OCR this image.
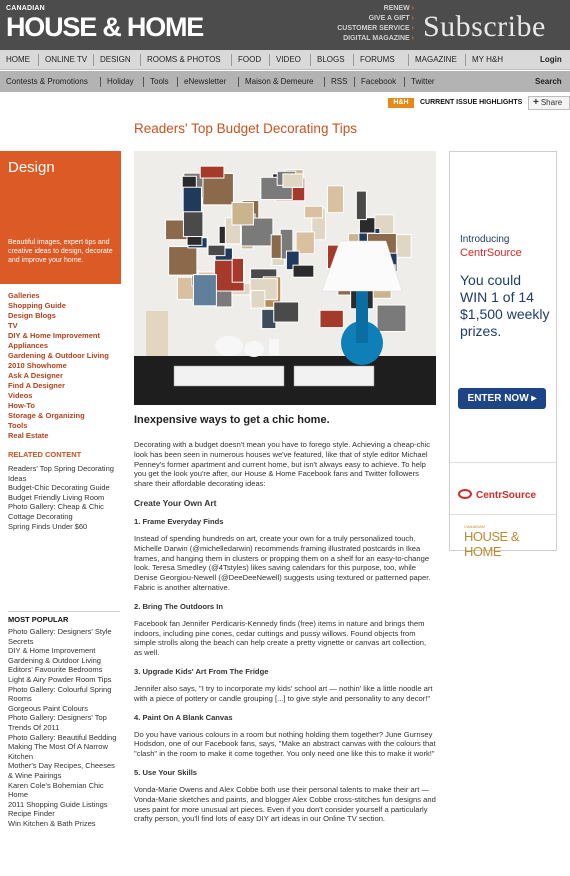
CANADIAN
HOUSE & HOME
RENEW ›
GIVE A GIFT ›
CUSTOMER SERVICE ›
DIGITAL MAGAZINE › Subscribe
HOME ONLINE TV DESIGN ROOMS & PHOTOS FOOD VIDEO BLOGS FORUMS	MAGAZINE MY H&H	Login
Contests & Promotions Holiday Tools eNewsletter Maison & Demeure RSS Facebook Twitter	Search
H&H	CURRENT ISSUE HIGHLIGHTS	+ Share
Readers' Top Budget Decorating Tips
Design
Beautiful images, expert tips and creative ideas to design, decorate and improve your home.
Galleries
Shopping Guide
Design Blogs
TV
DIY & Home Improvement
Appliances
Gardening & Outdoor Living
2010 Showhome
Ask A Designer
Find A Designer
Videos
How-To
Storage & Organizing
Tools
Real Estate
RELATED CONTENT
Readers' Top Spring Decorating Ideas
Budget-Chic Decorating Guide
Budget Friendly Living Room
Photo Gallery: Cheap & Chic Cottage Decorating
Spring Finds Under $60
MOST POPULAR
Photo Gallery: Designers' Style Secrets
DIY & Home Improvement
Gardening & Outdoor Living
Editors' Favourite Bedrooms
Light & Airy Powder Room Tips
Photo Gallery: Colourful Spring Rooms
Gorgeous Paint Colours
Photo Gallery: Designers' Top Trends Of 2011
Photo Gallery: Beautiful Bedding
Making The Most Of A Narrow Kitchen
Mother's Day Recipes, Cheeses & Wine Pairings
Karen Cole's Bohemian Chic Home
2011 Shopping Guide Listings
Recipe Finder
Win Kitchen & Bath Prizes
Introducing
CentrSource
You could WIN 1 of 14 $1,500 weekly prizes.
ENTER NOW ▸
CentrSource
CANADIAN
HOUSE & HOME
Inexpensive ways to get a chic home.

Decorating with a budget doesn't mean you have to forego style. Achieving a cheap-chic look has been seen in numerous houses we've featured, like that of style editor Michael Penney's former apartment and current home, but isn't always easy to achieve. To help you get the look you're after, our House & Home Facebook fans and Twitter followers share their affordable decorating ideas:

Create Your Own Art
1. Frame Everyday Finds

Instead of spending hundreds on art, create your own for a truly personalized touch. Michelle Darwin (@michelledarwin) recommends framing illustrated postcards in Ikea frames, and hanging them in clusters or propping them on a shelf for an easy-to-change look. Teresa Smedley (@4Tstyles) likes saving calendars for this purpose, too, while Denise Georgiou-Newell (@DeeDeeNewell) suggests using textured or patterned paper. Fabric is another alternative.

2. Bring The Outdoors In

Facebook fan Jennifer Perdicaris-Kennedy finds (free) items in nature and brings them indoors, including pine cones, cedar cuttings and pussy willows. Found objects from simple strolls along the beach can help create a pretty vignette or canvas art collection, as well.

3. Upgrade Kids' Art From The Fridge

Jennifer also says, "I try to incorporate my kids' school art — nothin' like a little noodle art with a piece of pottery or candle grouping [...] to give style and personality to any decor!"

4. Paint On A Blank Canvas

Do you have various colours in a room but nothing holding them together? June Gurnsey Hodsdon, one of our Facebook fans, says, "Make an abstract canvas with the colours that "clash" in the room to make it come together. You only need one like this to make it work!"

5. Use Your Skills

Vonda-Marie Owens and Alex Cobbe both use their personal talents to make their art — Vonda-Marie sketches and paints, and blogger Alex Cobbe cross-stitches fun designs and uses paint for more unusual art pieces. Even if you don't consider yourself a particularly crafty person, you'll find lots of easy DIY art ideas in our Online TV section.
